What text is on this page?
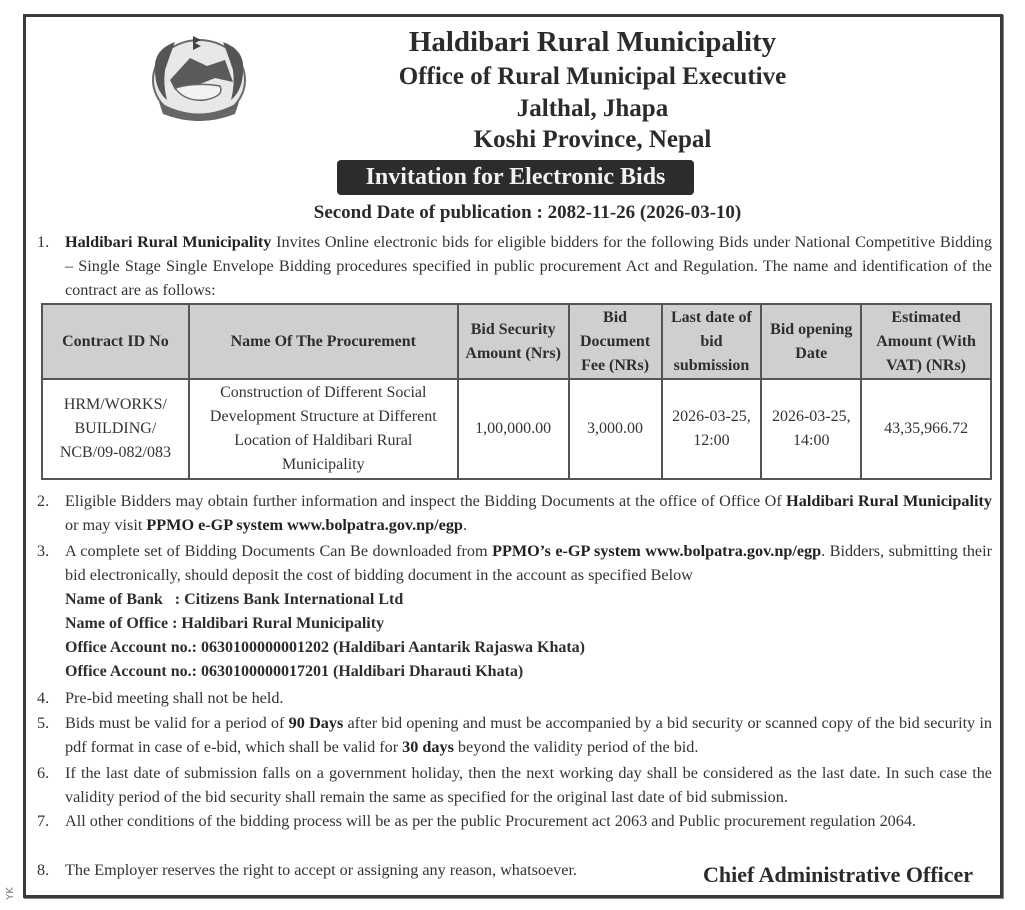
Haldibari Rural Municipality
Office of Rural Municipal Executive
Jalthal, Jhapa
Koshi Province, Nepal
Invitation for Electronic Bids
Second Date of publication : 2082-11-26 (2026-03-10)
1. Haldibari Rural Municipality Invites Online electronic bids for eligible bidders for the following Bids under National Competitive Bidding – Single Stage Single Envelope Bidding procedures specified in public procurement Act and Regulation. The name and identification of the contract are as follows:
Contract ID No	Name Of The Procurement	Bid Security Amount (Nrs)	Bid Document Fee (NRs)	Last date of bid submission	Bid opening Date	Estimated Amount (With VAT) (NRs)
HRM/WORKS/ BUILDING/ NCB/09-082/083	Construction of Different Social Development Structure at Different Location of Haldibari Rural Municipality	1,00,000.00	3,000.00	2026-03-25, 12:00	2026-03-25, 14:00	43,35,966.72
2. Eligible Bidders may obtain further information and inspect the Bidding Documents at the office of Office Of Haldibari Rural Municipality or may visit PPMO e-GP system www.bolpatra.gov.np/egp.
3. A complete set of Bidding Documents Can Be downloaded from PPMO’s e-GP system www.bolpatra.gov.np/egp. Bidders, submitting their bid electronically, should deposit the cost of bidding document in the account as specified Below
Name of Bank   : Citizens Bank International Ltd
Name of Office : Haldibari Rural Municipality
Office Account no.: 0630100000001202 (Haldibari Aantarik Rajaswa Khata)
Office Account no.: 0630100000017201 (Haldibari Dharauti Khata)
4. Pre-bid meeting shall not be held.
5. Bids must be valid for a period of 90 Days after bid opening and must be accompanied by a bid security or scanned copy of the bid security in pdf format in case of e-bid, which shall be valid for 30 days beyond the validity period of the bid.
6. If the last date of submission falls on a government holiday, then the next working day shall be considered as the last date. In such case the validity period of the bid security shall remain the same as specified for the original last date of bid submission.
7. All other conditions of the bidding process will be as per the public Procurement act 2063 and Public procurement regulation 2064.
8. The Employer reserves the right to accept or assigning any reason, whatsoever.	Chief Administrative Officer
YK
